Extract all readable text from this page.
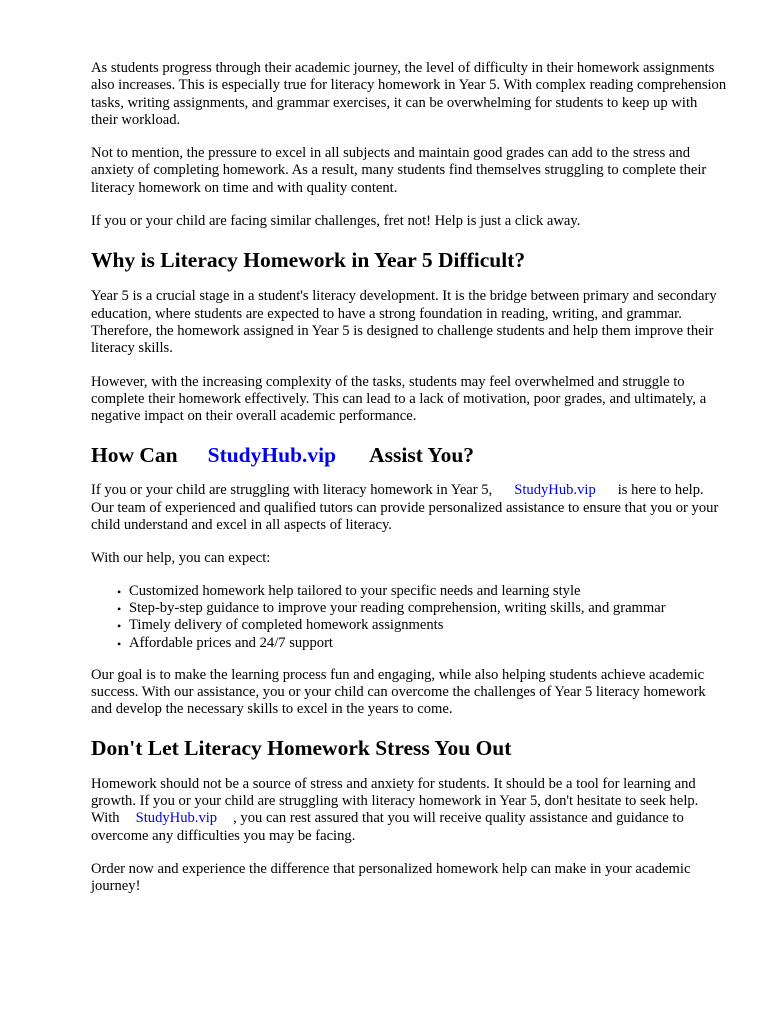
As students progress through their academic journey, the level of difficulty in their homework assignments also increases. This is especially true for literacy homework in Year 5. With complex reading comprehension tasks, writing assignments, and grammar exercises, it can be overwhelming for students to keep up with their workload.

Not to mention, the pressure to excel in all subjects and maintain good grades can add to the stress and anxiety of completing homework. As a result, many students find themselves struggling to complete their literacy homework on time and with quality content.

If you or your child are facing similar challenges, fret not! Help is just a click away.

Why is Literacy Homework in Year 5 Difficult?

Year 5 is a crucial stage in a student's literacy development. It is the bridge between primary and secondary education, where students are expected to have a strong foundation in reading, writing, and grammar. Therefore, the homework assigned in Year 5 is designed to challenge students and help them improve their literacy skills.

However, with the increasing complexity of the tasks, students may feel overwhelmed and struggle to complete their homework effectively. This can lead to a lack of motivation, poor grades, and ultimately, a negative impact on their overall academic performance.

How Can StudyHub.vip Assist You?

If you or your child are struggling with literacy homework in Year 5, StudyHub.vip is here to help. Our team of experienced and qualified tutors can provide personalized assistance to ensure that you or your child understand and excel in all aspects of literacy.

With our help, you can expect:

• Customized homework help tailored to your specific needs and learning style
• Step-by-step guidance to improve your reading comprehension, writing skills, and grammar
• Timely delivery of completed homework assignments
• Affordable prices and 24/7 support

Our goal is to make the learning process fun and engaging, while also helping students achieve academic success. With our assistance, you or your child can overcome the challenges of Year 5 literacy homework and develop the necessary skills to excel in the years to come.

Don't Let Literacy Homework Stress You Out

Homework should not be a source of stress and anxiety for students. It should be a tool for learning and growth. If you or your child are struggling with literacy homework in Year 5, don't hesitate to seek help. With StudyHub.vip , you can rest assured that you will receive quality assistance and guidance to overcome any difficulties you may be facing.

Order now and experience the difference that personalized homework help can make in your academic journey!
